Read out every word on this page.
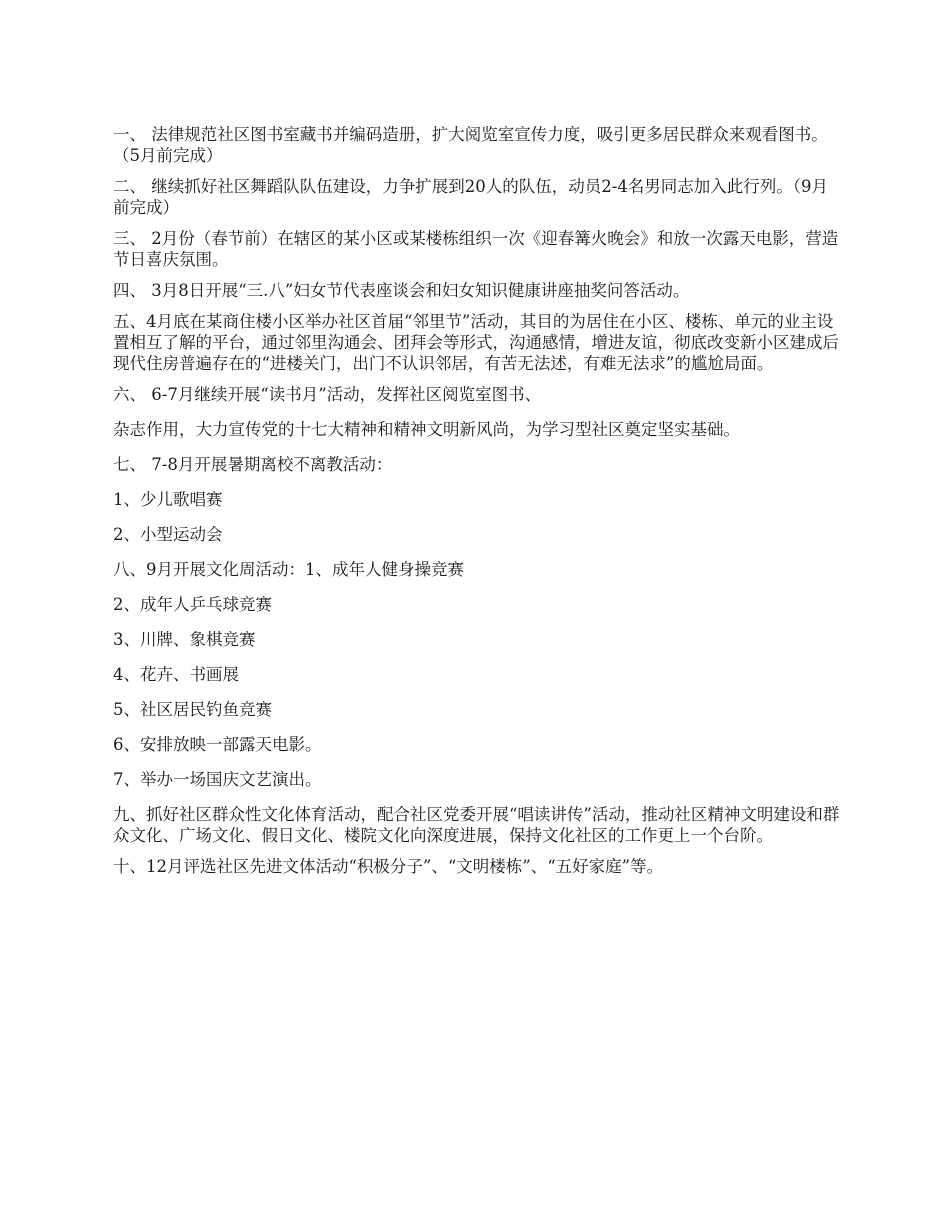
一、 法律规范社区图书室藏书并编码造册，扩大阅览室宣传力度，吸引更多居民群众来观看图书。（5月前完成）

二、 继续抓好社区舞蹈队队伍建设，力争扩展到20人的队伍，动员2-4名男同志加入此行列。（9月前完成）

三、 2月份（春节前）在辖区的某小区或某楼栋组织一次《迎春篝火晚会》和放一次露天电影，营造节日喜庆氛围。

四、 3月8日开展“三.八”妇女节代表座谈会和妇女知识健康讲座抽奖问答活动。

五、4月底在某商住楼小区举办社区首届“邻里节”活动，其目的为居住在小区、楼栋、单元的业主设置相互了解的平台，通过邻里沟通会、团拜会等形式，沟通感情，增进友谊，彻底改变新小区建成后现代住房普遍存在的“进楼关门，出门不认识邻居，有苦无法述，有难无法求”的尴尬局面。

六、 6-7月继续开展“读书月”活动，发挥社区阅览室图书、

杂志作用，大力宣传党的十七大精神和精神文明新风尚，为学习型社区奠定坚实基础。

七、 7-8月开展暑期离校不离教活动：

1、少儿歌唱赛

2、小型运动会

八、9月开展文化周活动：1、成年人健身操竞赛

2、成年人乒乓球竞赛

3、川牌、象棋竞赛

4、花卉、书画展

5、社区居民钓鱼竞赛

6、安排放映一部露天电影。

7、举办一场国庆文艺演出。

九、抓好社区群众性文化体育活动，配合社区党委开展“唱读讲传”活动，推动社区精神文明建设和群众文化、广场文化、假日文化、楼院文化向深度进展，保持文化社区的工作更上一个台阶。

十、12月评选社区先进文体活动“积极分子”、“文明楼栋”、“五好家庭”等。
